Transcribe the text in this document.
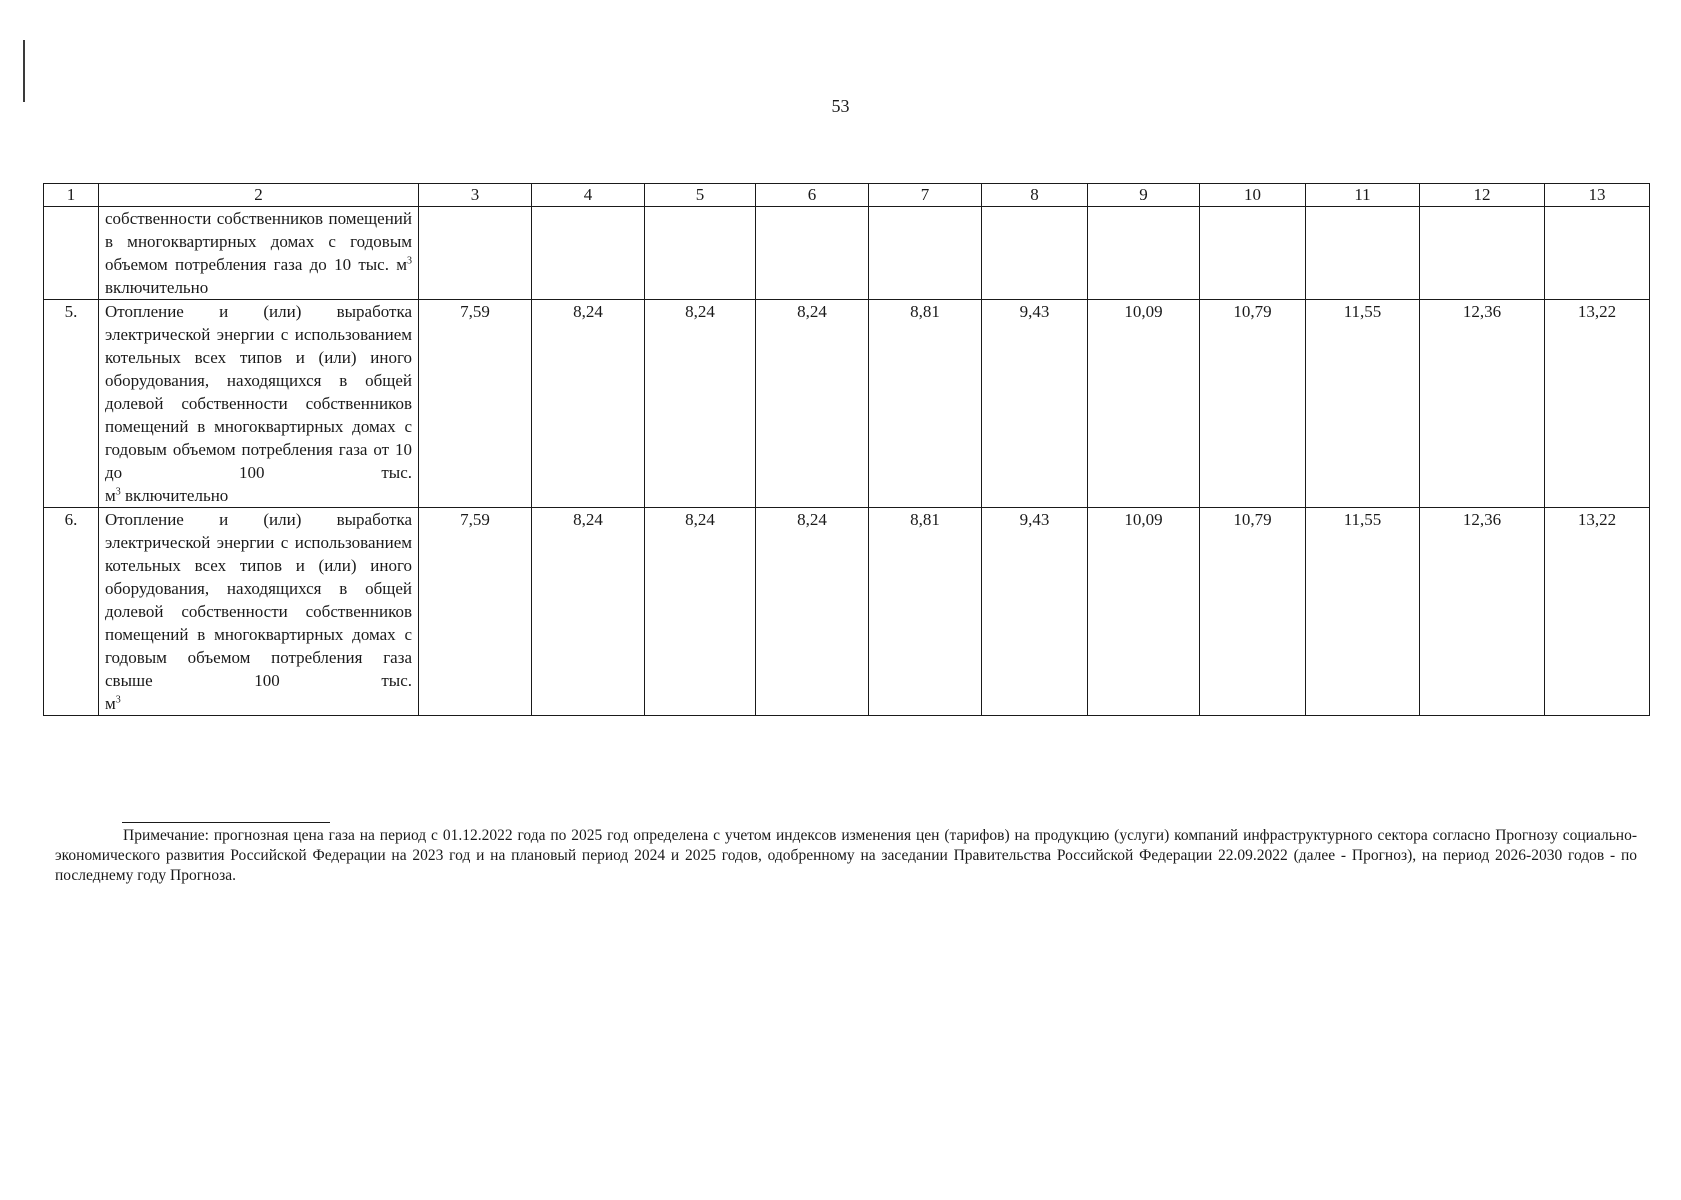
53
1	2	3	4	5	6	7	8	9	10	11	12	13
	собственности собственников помещений в многоквартирных домах с годовым объемом потребления газа до 10 тыс. $м^3$
включительно											

5.	Отопление и (или) выработка электрической энергии с использованием котельных всех типов и (или) иного оборудования, находящихся в общей долевой собственности собственников помещений в многоквартирных домах с годовым объемом потребления газа от 10 до 100 тыс.
$м^3$ включительно	7,59	8,24	8,24	8,24	8,81	9,43	10,09	10,79	11,55	12,36	13,22
6.	Отопление и (или) выработка электрической энергии с использованием котельных всех типов и (или) иного оборудования, находящихся в общей долевой собственности собственников помещений в многоквартирных домах с годовым объемом потребления газа свыше 100 тыс.
$м^3$	7,59	8,24	8,24	8,24	8,81	9,43	10,09	10,79	11,55	12,36	13,22
Примечание: прогнозная цена газа на период с 01.12.2022 года по 2025 год определена с учетом индексов изменения цен (тарифов) на продукцию (услуги) компаний инфраструктурного сектора согласно Прогнозу социально-экономического развития Российской Федерации на 2023 год и на плановый период 2024 и 2025 годов, одобренному на заседании Правительства Российской Федерации 22.09.2022 (далее - Прогноз), на период 2026-2030 годов - по последнему году Прогноза.
